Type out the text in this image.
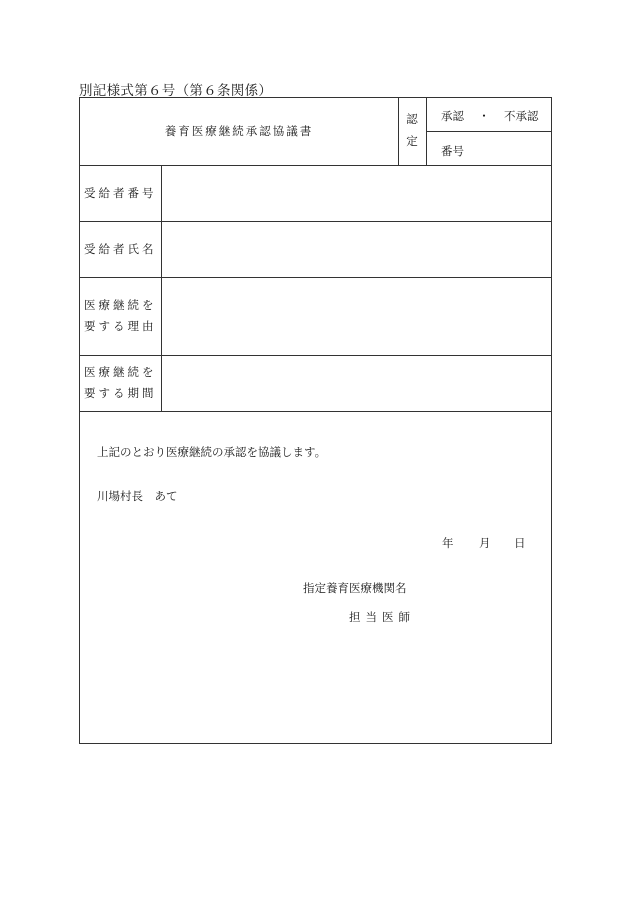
別記様式第６号（第６条関係）
養育医療継続承認協議書
認
定
承認 ・ 不承認
番号
受給者番号
受給者氏名
医療継続を
要する理由
医療継続を
要する期間
上記のとおり医療継続の承認を協議します。
川場村長　あて
年 月 日
指定養育医療機関名
担当医師
